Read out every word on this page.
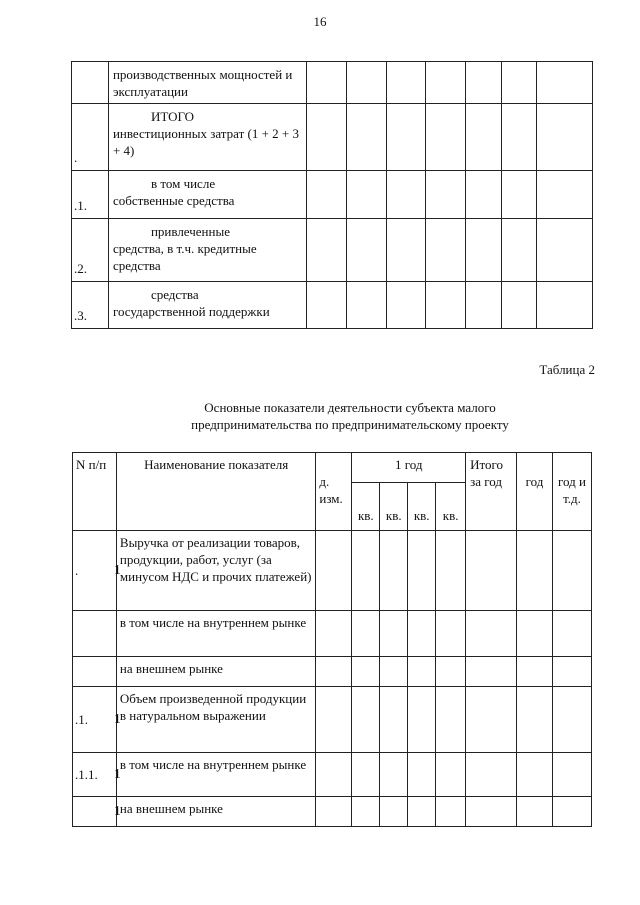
16
	производственных мощностей и эксплуатации							
.	ИТОГО
инвестиционных затрат (1 + 2 + 3 + 4)							
.1.	в том числе
собственные средства							
.2.	привлеченные
средства, в т.ч. кредитные средства							
.3.	средства
государственной поддержки							
Таблица 2
Основные показатели деятельности субъекта малого
предпринимательства по предпринимательскому проекту
N п/п	Наименование показателя	д. изм.	1 год				Итого за год	год	год и т.д.
			кв.	кв.	кв.	кв.			

1
.	Выручка от реализации товаров, продукции, работ, услуг (за минусом НДС и прочих платежей)								

	в том числе на внутреннем рынке								

	на внешнем рынке								

1
.1.	Объем произведенной продукции в натуральном выражении								

1
.1.1.	в том числе на внутреннем рынке								

1	на внешнем рынке								
